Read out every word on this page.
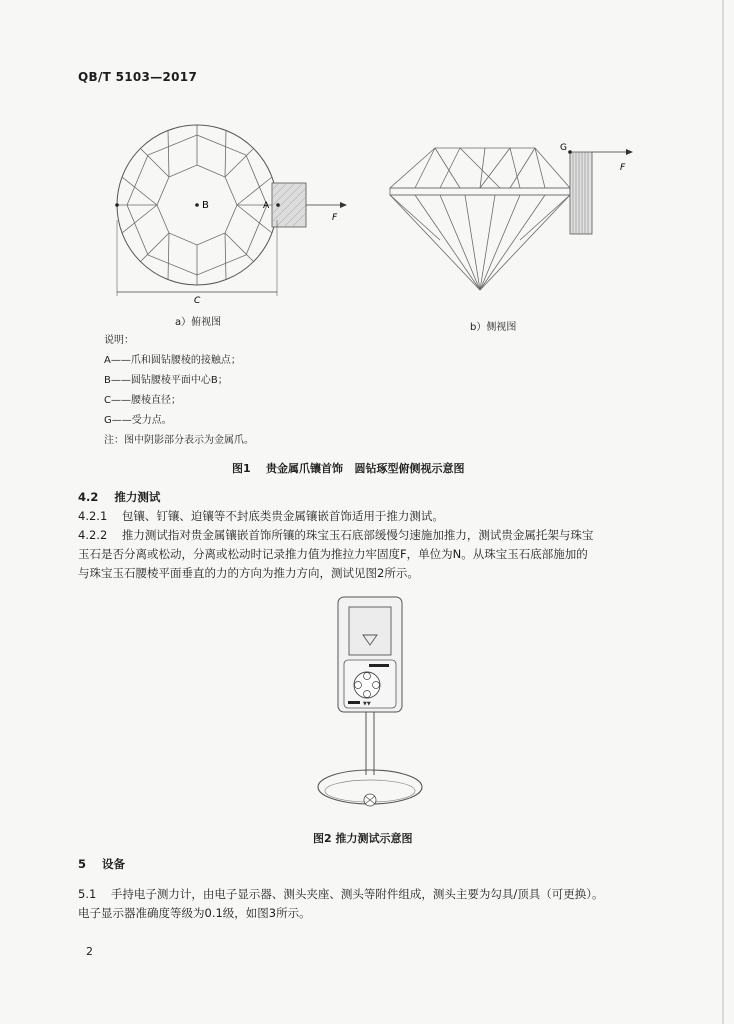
QB/T 5103—2017
B	A
F
C
a）俯视图
G
F
b）侧视图
说明：
A——爪和圆钻腰棱的接触点；
B——圆钻腰棱平面中心B；
C——腰棱直径；
G——受力点。
注：图中阴影部分表示为金属爪。
图1    贵金属爪镶首饰   圆钻琢型俯侧视示意图
4.2    推力测试
4.2.1    包镶、钉镶、迫镶等不封底类贵金属镶嵌首饰适用于推力测试。
4.2.2    推力测试指对贵金属镶嵌首饰所镶的珠宝玉石底部缓慢匀速施加推力，测试贵金属托架与珠宝
玉石是否分离或松动，分离或松动时记录推力值为推拉力牢固度F，单位为N。从珠宝玉石底部施加的
与珠宝玉石腰棱平面垂直的力的方向为推力方向，测试见图2所示。
▼▼
图2 推力测试示意图
5    设备
5.1    手持电子测力计，由电子显示器、测头夹座、测头等附件组成，测头主要为勾具/顶具（可更换）。
电子显示器准确度等级为0.1级，如图3所示。
2
